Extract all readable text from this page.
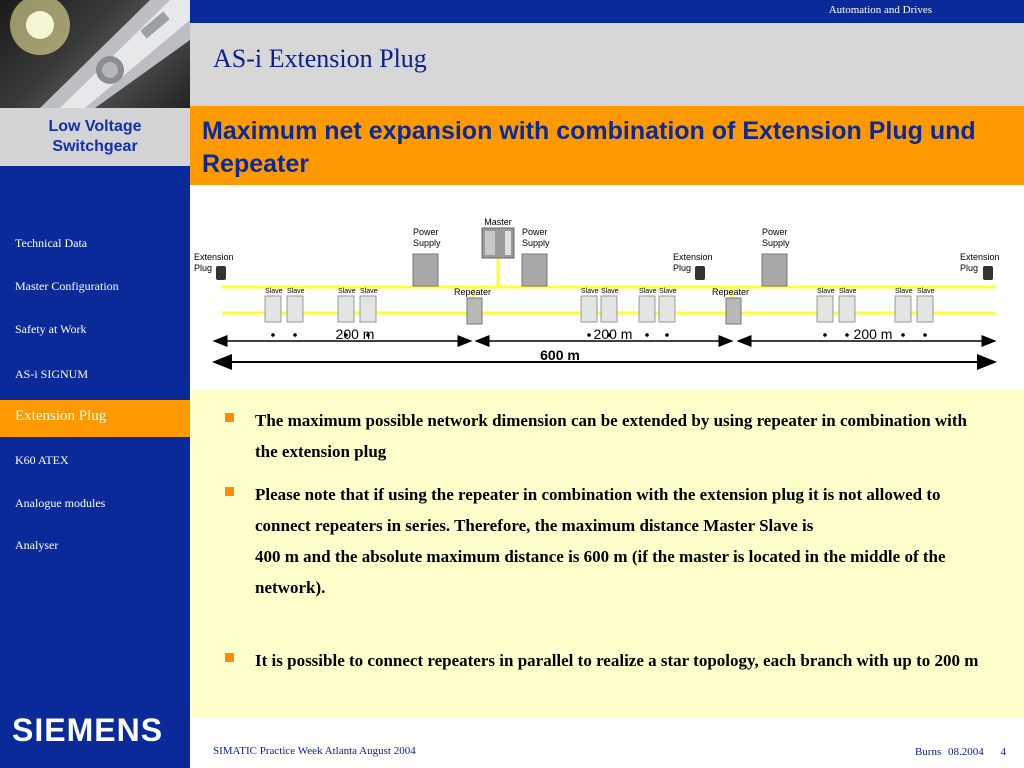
Low Voltage
Switchgear
Technical Data
Master Configuration
Safety at Work
AS-i SIGNUM
Extension Plug
K60 ATEX
Analogue modules
Analyser
SIEMENS
Automation and Drives
AS-i Extension Plug
Maximum net expansion with combination of Extension Plug und Repeater
Master
Power
Supply
Power
Supply
Power
Supply
Extension
Plug
Extension
Plug
Extension
Plug
Repeater	Repeater
Slave Slave	Slave Slave	Slave Slave	Slave Slave	Slave Slave	Slave Slave
200 m	200 m	200 m
600 m
The maximum possible network dimension can be extended by using repeater in combination with the extension plug
Please note that if using the repeater in combination with the extension plug it is not allowed to connect repeaters in series. Therefore, the maximum distance Master Slave is
400 m and the absolute maximum distance is 600 m (if the master is located in the middle of the network).
It is possible to connect repeaters in parallel to realize a star topology, each branch with up to 200 m
SIMATIC Practice Week Atlanta August 2004	Burns 08.2004 4
